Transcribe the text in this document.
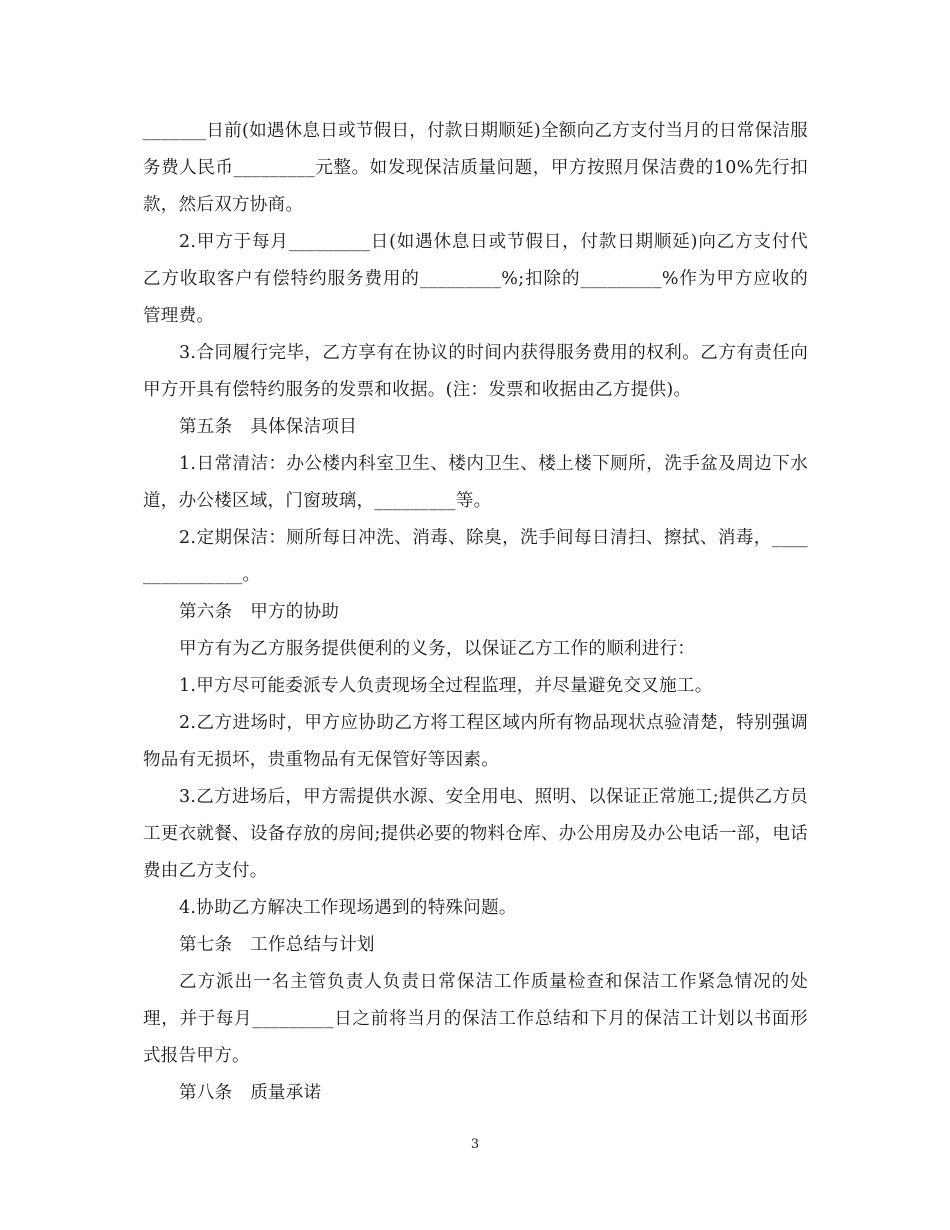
_______日前(如遇休息日或节假日，付款日期顺延)全额向乙方支付当月的日常保洁服务费人民币_________元整。如发现保洁质量问题，甲方按照月保洁费的10%先行扣款，然后双方协商。

2.甲方于每月_________日(如遇休息日或节假日，付款日期顺延)向乙方支付代乙方收取客户有偿特约服务费用的_________%;扣除的_________%作为甲方应收的管理费。

3.合同履行完毕，乙方享有在协议的时间内获得服务费用的权利。乙方有责任向甲方开具有偿特约服务的发票和收据。(注：发票和收据由乙方提供)。

第五条　具体保洁项目

1.日常清洁：办公楼内科室卫生、楼内卫生、楼上楼下厕所，洗手盆及周边下水道，办公楼区域，门窗玻璃，_________等。

2.定期保洁：厕所每日冲洗、消毒、除臭，洗手间每日清扫、擦拭、消毒，_______________。

第六条　甲方的协助

甲方有为乙方服务提供便利的义务，以保证乙方工作的顺利进行：

1.甲方尽可能委派专人负责现场全过程监理，并尽量避免交叉施工。

2.乙方进场时，甲方应协助乙方将工程区域内所有物品现状点验清楚，特别强调物品有无损坏，贵重物品有无保管好等因素。

3.乙方进场后，甲方需提供水源、安全用电、照明、以保证正常施工;提供乙方员工更衣就餐、设备存放的房间;提供必要的物料仓库、办公用房及办公电话一部，电话费由乙方支付。

4.协助乙方解决工作现场遇到的特殊问题。

第七条　工作总结与计划

乙方派出一名主管负责人负责日常保洁工作质量检查和保洁工作紧急情况的处理，并于每月_________日之前将当月的保洁工作总结和下月的保洁工计划以书面形式报告甲方。

第八条　质量承诺

3
